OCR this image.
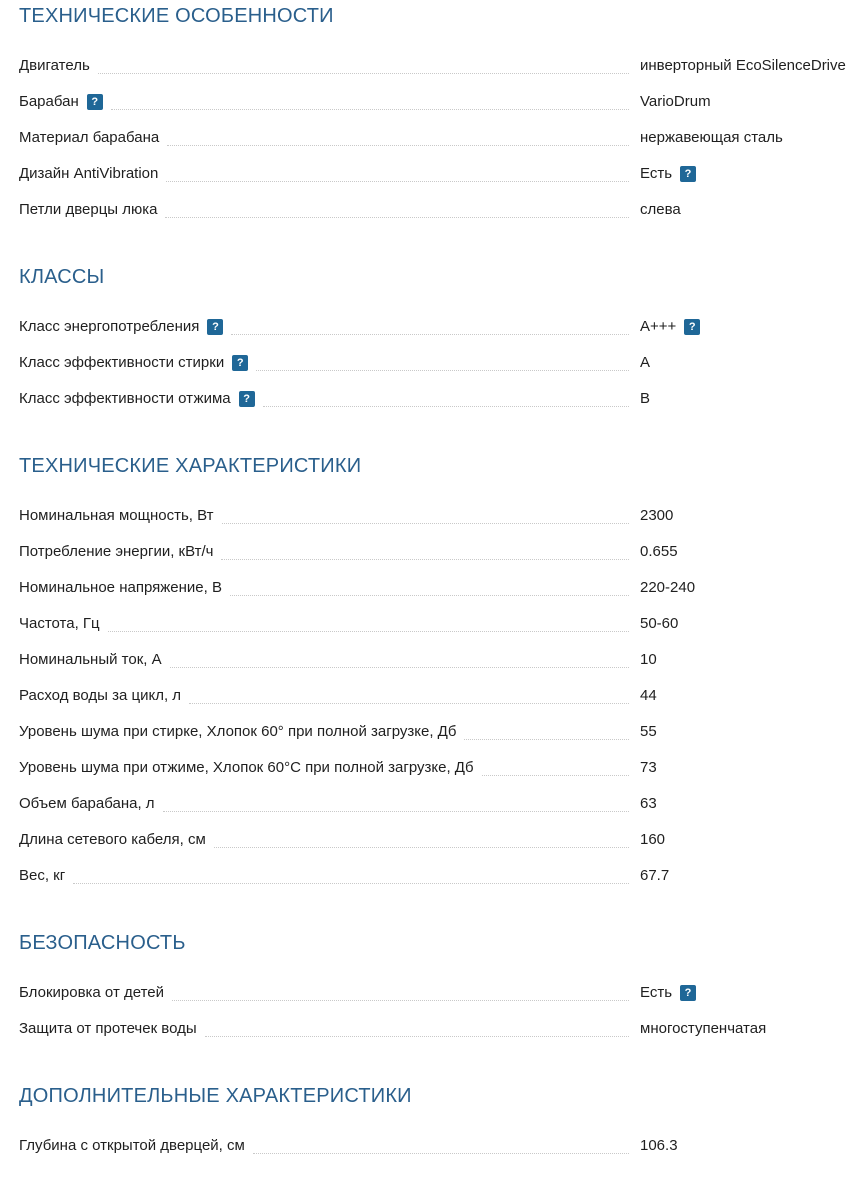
ТЕХНИЧЕСКИЕ ОСОБЕННОСТИ
Двигатель	инверторный EcoSilenceDrive
Барабан	?	VarioDrum
Материал барабана	нержавеющая сталь
Дизайн AntiVibration	Есть	?
Петли дверцы люка	слева
КЛАССЫ
Класс энергопотребления	?	A+++	?
Класс эффективности стирки	?	A
Класс эффективности отжима	?	B
ТЕХНИЧЕСКИЕ ХАРАКТЕРИСТИКИ
Номинальная мощность, Вт	2300
Потребление энергии, кВт/ч	0.655
Номинальное напряжение, В	220-240
Частота, Гц	50-60
Номинальный ток, А	10
Расход воды за цикл, л	44
Уровень шума при стирке, Хлопок 60° при полной загрузке, Дб	55
Уровень шума при отжиме, Хлопок 60°С при полной загрузке, Дб	73
Объем барабана, л	63
Длина сетевого кабеля, см	160
Вес, кг	67.7
БЕЗОПАСНОСТЬ
Блокировка от детей	Есть	?
Защита от протечек воды	многоступенчатая
ДОПОЛНИТЕЛЬНЫЕ ХАРАКТЕРИСТИКИ
Глубина с открытой дверцей, см	106.3
